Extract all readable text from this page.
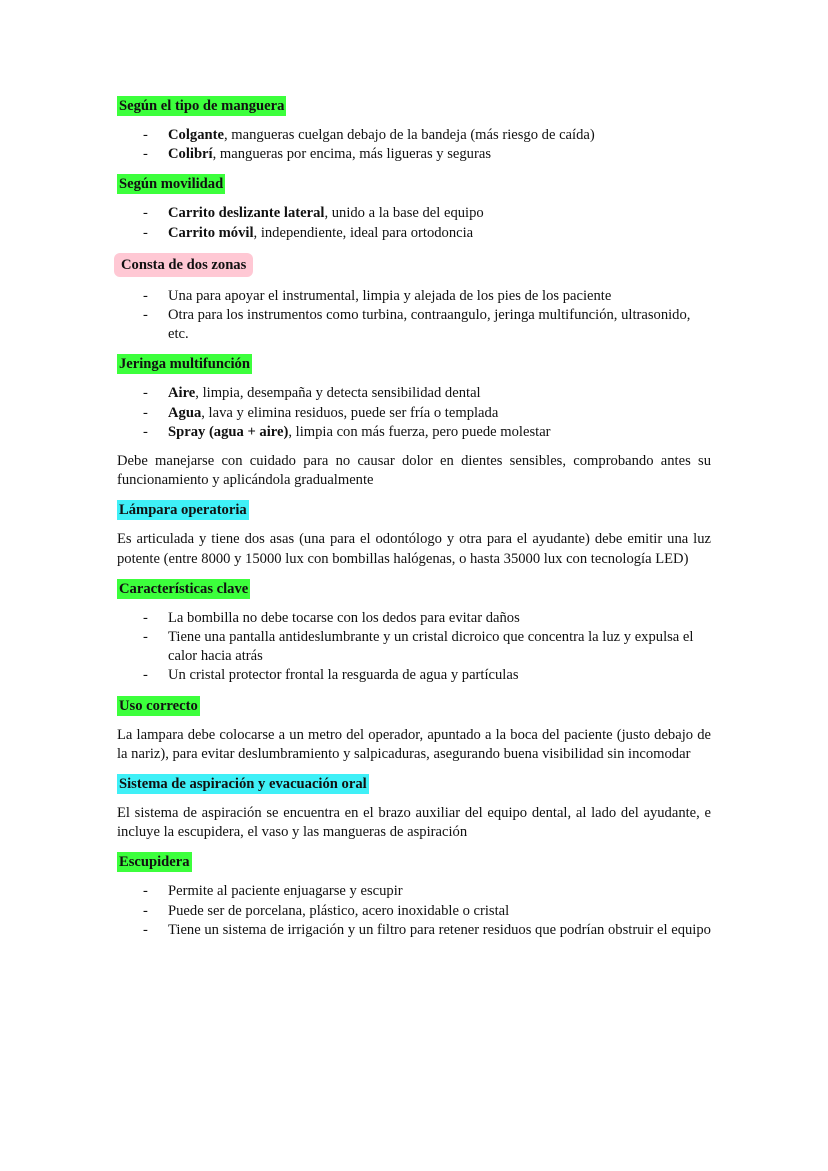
Según el tipo de manguera
- Colgante, mangueras cuelgan debajo de la bandeja (más riesgo de caída)
- Colibrí, mangueras por encima, más ligueras y seguras
Según movilidad
- Carrito deslizante lateral, unido a la base del equipo
- Carrito móvil, independiente, ideal para ortodoncia
Consta de dos zonas
- Una para apoyar el instrumental, limpia y alejada de los pies de los paciente
- Otra para los instrumentos como turbina, contraangulo, jeringa multifunción, ultrasonido, etc.
Jeringa multifunción
- Aire, limpia, desempaña y detecta sensibilidad dental
- Agua, lava y elimina residuos, puede ser fría o templada
- Spray (agua + aire), limpia con más fuerza, pero puede molestar

Debe manejarse con cuidado para no causar dolor en dientes sensibles, comprobando antes su funcionamiento y aplicándola gradualmente

Lámpara operatoria

Es articulada y tiene dos asas (una para el odontólogo y otra para el ayudante) debe emitir una luz potente (entre 8000 y 15000 lux con bombillas halógenas, o hasta 35000 lux con tecnología LED)

Características clave
- La bombilla no debe tocarse con los dedos para evitar daños
- Tiene una pantalla antideslumbrante y un cristal dicroico que concentra la luz y expulsa el calor hacia atrás
- Un cristal protector frontal la resguarda de agua y partículas
Uso correcto

La lampara debe colocarse a un metro del operador, apuntado a la boca del paciente (justo debajo de la nariz), para evitar deslumbramiento y salpicaduras, asegurando buena visibilidad sin incomodar

Sistema de aspiración y evacuación oral

El sistema de aspiración se encuentra en el brazo auxiliar del equipo dental, al lado del ayudante, e incluye la escupidera, el vaso y las mangueras de aspiración

Escupidera
- Permite al paciente enjuagarse y escupir
- Puede ser de porcelana, plástico, acero inoxidable o cristal
- Tiene un sistema de irrigación y un filtro para retener residuos que podrían obstruir el equipo
